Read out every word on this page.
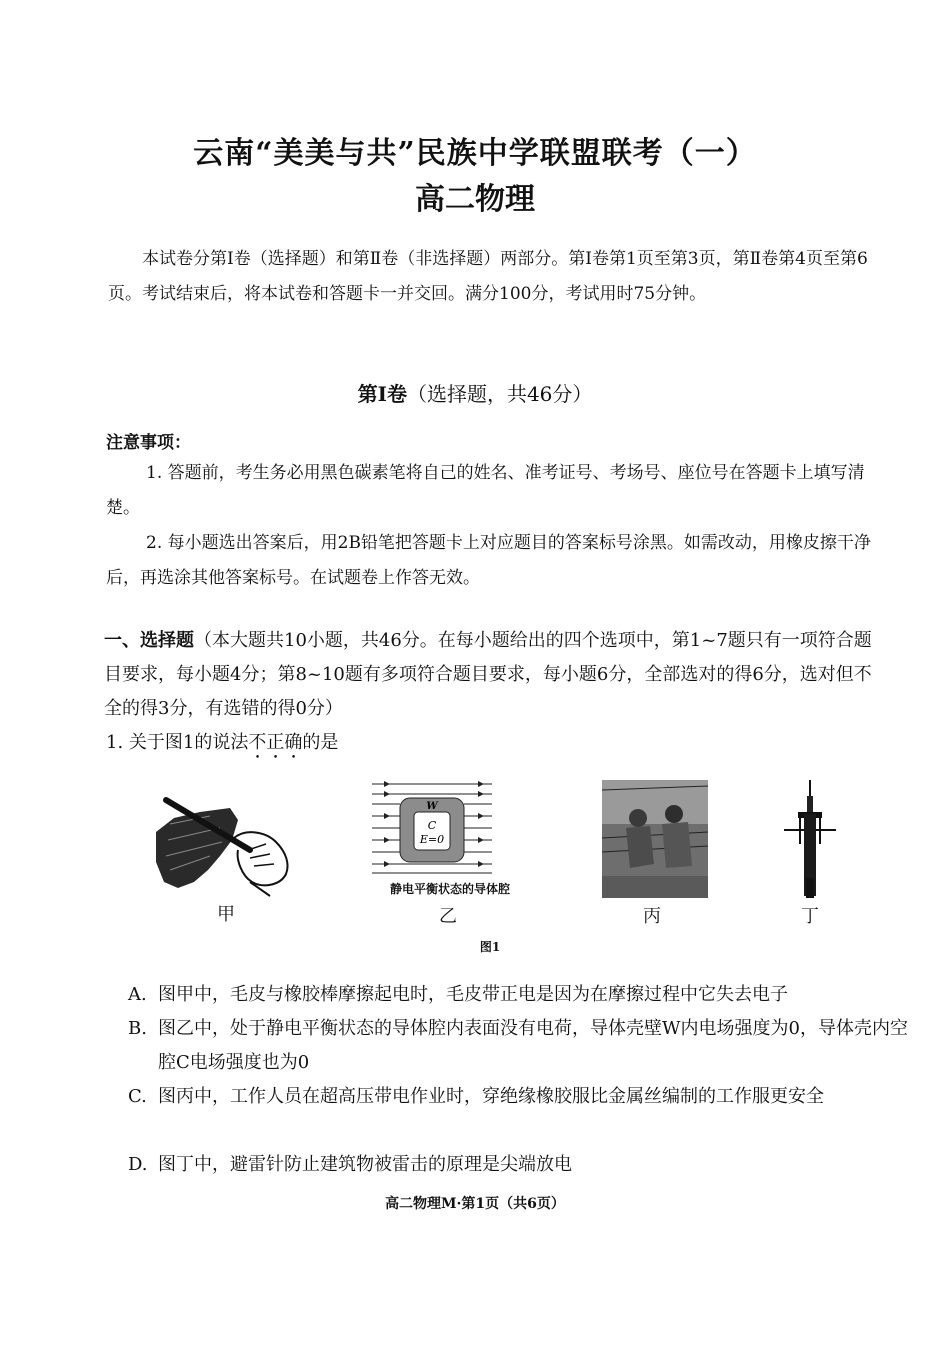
云南“美美与共”民族中学联盟联考（一）
高二物理
本试卷分第Ⅰ卷（选择题）和第Ⅱ卷（非选择题）两部分。第Ⅰ卷第1页至第3页，第Ⅱ卷第4页至第6页。考试结束后，将本试卷和答题卡一并交回。满分100分，考试用时75分钟。
第Ⅰ卷（选择题，共46分）
注意事项：
1. 答题前，考生务必用黑色碳素笔将自己的姓名、准考证号、考场号、座位号在答题卡上填写清楚。
2. 每小题选出答案后，用2B铅笔把答题卡上对应题目的答案标号涂黑。如需改动，用橡皮擦干净后，再选涂其他答案标号。在试题卷上作答无效。
一、选择题（本大题共10小题，共46分。在每小题给出的四个选项中，第1~7题只有一项符合题目要求，每小题4分；第8~10题有多项符合题目要求，每小题6分，全部选对的得6分，选对但不全的得3分，有选错的得0分）
1. 关于图1的说法不正确的是
甲
W
C
E=0
静电平衡状态的导体腔
乙	丙	丁
图1
A. 图甲中，毛皮与橡胶棒摩擦起电时，毛皮带正电是因为在摩擦过程中它失去电子
B. 图乙中，处于静电平衡状态的导体腔内表面没有电荷，导体壳壁W内电场强度为0，导体壳内空腔C电场强度也为0
C. 图丙中，工作人员在超高压带电作业时，穿绝缘橡胶服比金属丝编制的工作服更安全
D. 图丁中，避雷针防止建筑物被雷击的原理是尖端放电
高二物理M·第1页（共6页）
